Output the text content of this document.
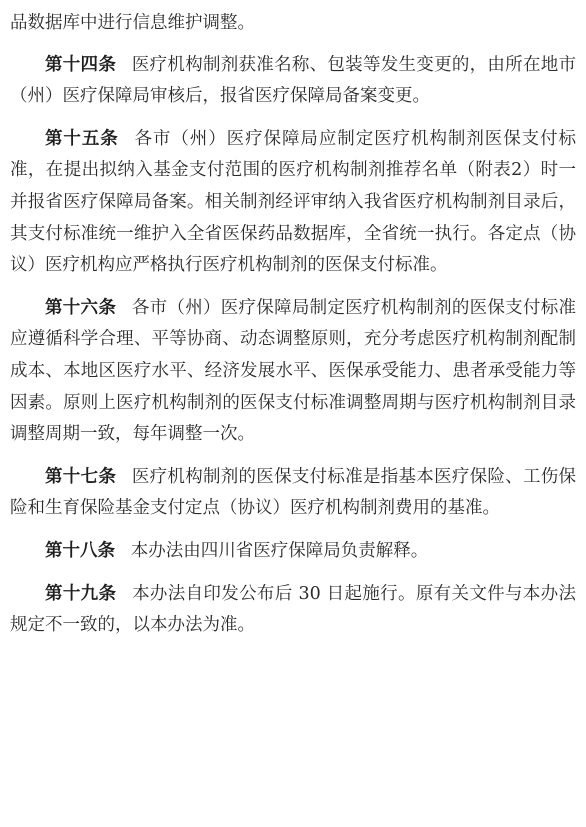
品数据库中进行信息维护调整。

第十四条 医疗机构制剂获准名称、包装等发生变更的，由所在地市（州）医疗保障局审核后，报省医疗保障局备案变更。

第十五条 各市（州）医疗保障局应制定医疗机构制剂医保支付标准，在提出拟纳入基金支付范围的医疗机构制剂推荐名单（附表2）时一并报省医疗保障局备案。相关制剂经评审纳入我省医疗机构制剂目录后，其支付标准统一维护入全省医保药品数据库，全省统一执行。各定点（协议）医疗机构应严格执行医疗机构制剂的医保支付标准。

第十六条 各市（州）医疗保障局制定医疗机构制剂的医保支付标准应遵循科学合理、平等协商、动态调整原则，充分考虑医疗机构制剂配制成本、本地区医疗水平、经济发展水平、医保承受能力、患者承受能力等因素。原则上医疗机构制剂的医保支付标准调整周期与医疗机构制剂目录调整周期一致，每年调整一次。

第十七条 医疗机构制剂的医保支付标准是指基本医疗保险、工伤保险和生育保险基金支付定点（协议）医疗机构制剂费用的基准。

第十八条 本办法由四川省医疗保障局负责解释。

第十九条 本办法自印发公布后 30 日起施行。原有关文件与本办法规定不一致的，以本办法为准。
